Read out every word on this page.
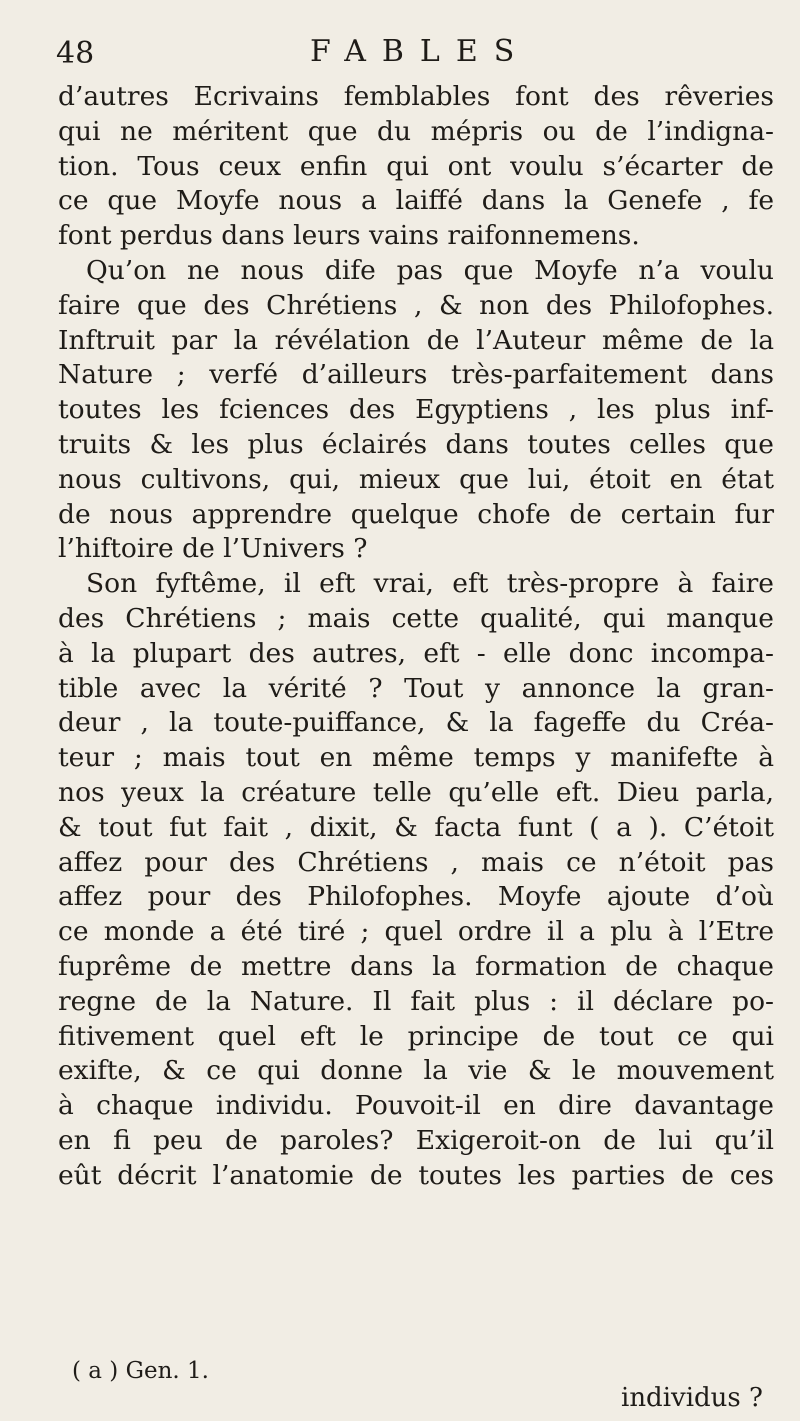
48	FABLES
d’autres Ecrivains femblables font des rêveries
qui ne méritent que du mépris ou de l’indigna-
tion. Tous ceux enfin qui ont voulu s’écarter de
ce que Moyfe nous a laiffé dans la Genefe , fe
font perdus dans leurs vains raifonnemens.
Qu’on ne nous dife pas que Moyfe n’a voulu
faire que des Chrétiens , & non des Philofophes.
Inftruit par la révélation de l’Auteur même de la
Nature ; verfé d’ailleurs très-parfaitement dans
toutes les fciences des Egyptiens , les plus inf-
truits & les plus éclairés dans toutes celles que
nous cultivons, qui, mieux que lui, étoit en état
de nous apprendre quelque chofe de certain fur
l’hiftoire de l’Univers ?
Son fyftême, il eft vrai, eft très-propre à faire
des Chrétiens ; mais cette qualité, qui manque
à la plupart des autres, eft - elle donc incompa-
tible avec la vérité ? Tout y annonce la gran-
deur , la toute-puiffance, & la fageffe du Créa-
teur ; mais tout en même temps y manifefte à
nos yeux la créature telle qu’elle eft. Dieu parla,
& tout fut fait , dixit, & facta funt ( a ). C’étoit
affez pour des Chrétiens , mais ce n’étoit pas
affez pour des Philofophes. Moyfe ajoute d’où
ce monde a été tiré ; quel ordre il a plu à l’Etre
fuprême de mettre dans la formation de chaque
regne de la Nature. Il fait plus : il déclare po-
fitivement quel eft le principe de tout ce qui
exifte, & ce qui donne la vie & le mouvement
à chaque individu. Pouvoit-il en dire davantage
en fi peu de paroles? Exigeroit-on de lui qu’il
eût décrit l’anatomie de toutes les parties de ces
( a ) Gen. 1.
individus ?
